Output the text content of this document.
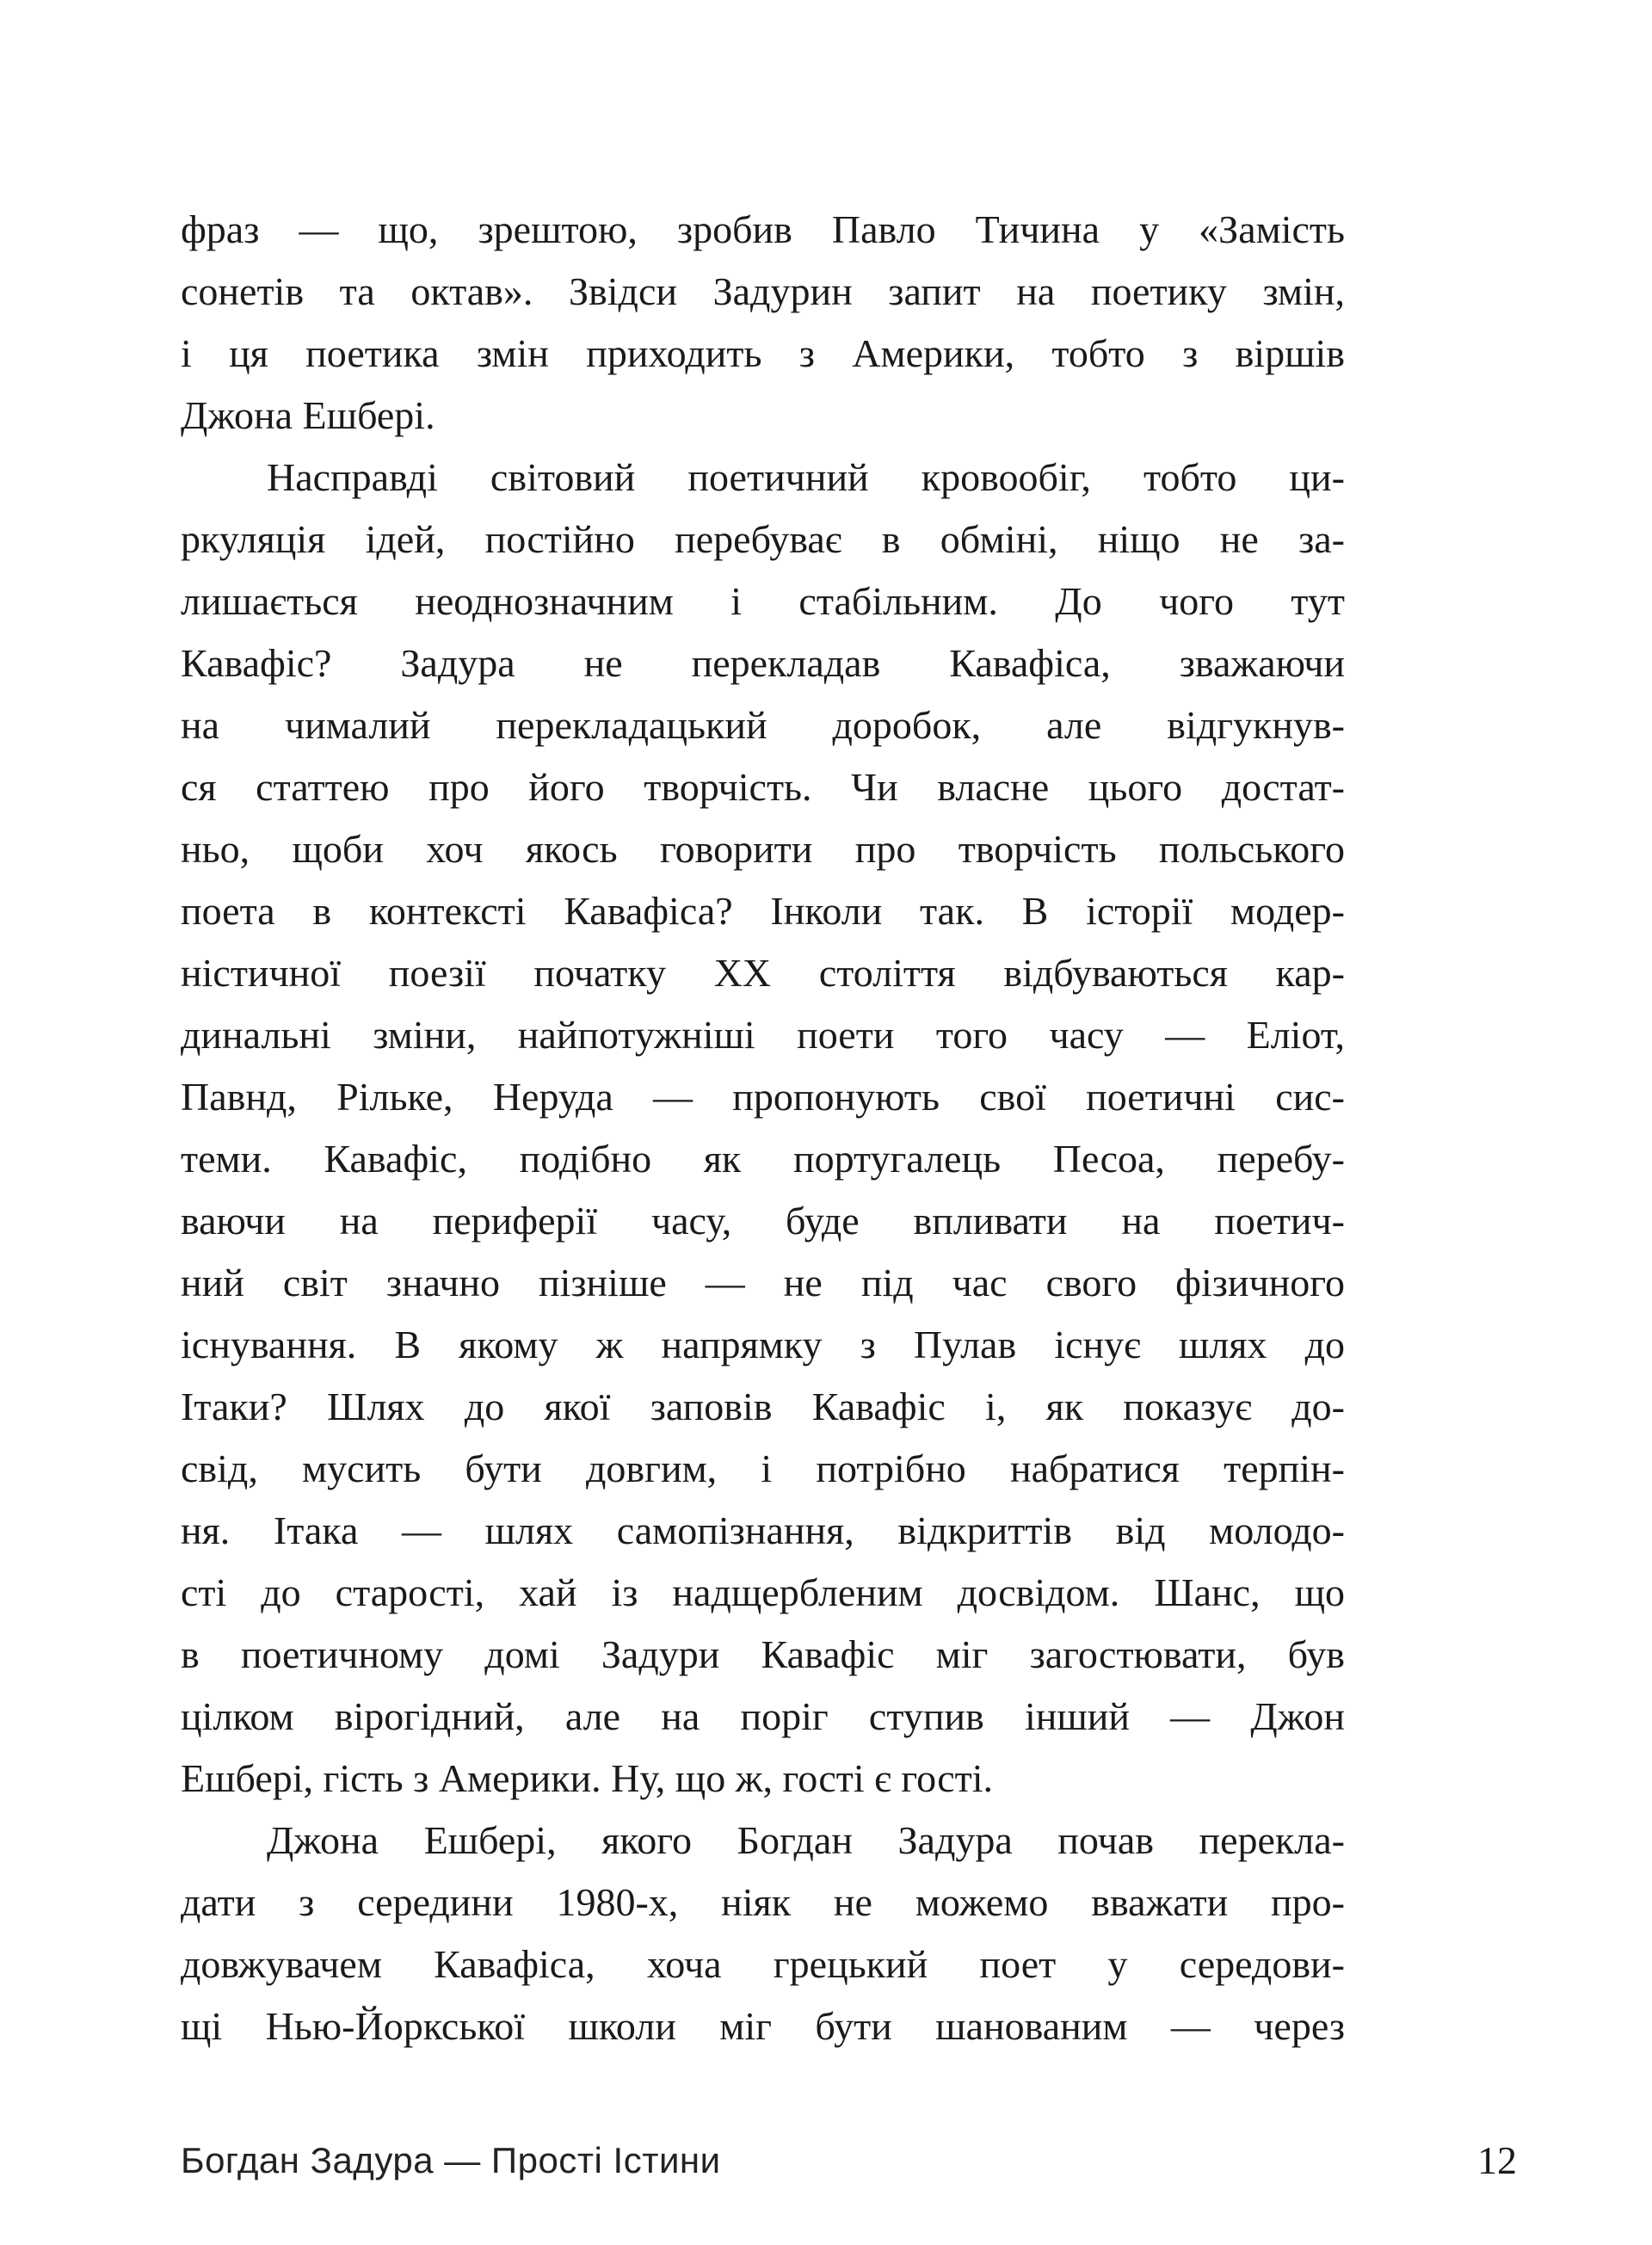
фраз — що, зрештою, зробив Павло Тичина у «Замість
сонетів та октав». Звідси Задурин запит на поетику змін,
і ця поетика змін приходить з Америки, тобто з віршів
Джона Ешбері.
Насправді світовий поетичний кровообіг, тобто ци-
ркуляція ідей, постійно перебуває в обміні, ніщо не за-
лишається неоднозначним і стабільним. До чого тут
Кавафіс? Задура не перекладав Кавафіса, зважаючи
на чималий перекладацький доробок, але відгукнув-
ся статтею про його творчість. Чи власне цього достат-
ньо, щоби хоч якось говорити про творчість польського
поета в контексті Кавафіса? Інколи так. В історії модер-
ністичної поезії початку ХХ століття відбуваються кар-
динальні зміни, найпотужніші поети того часу — Еліот,
Павнд, Рільке, Неруда — пропонують свої поетичні сис-
теми. Кавафіс, подібно як португалець Песоа, перебу-
ваючи на периферії часу, буде впливати на поетич-
ний світ значно пізніше — не під час свого фізичного
існування. В якому ж напрямку з Пулав існує шлях до
Ітаки? Шлях до якої заповів Кавафіс і, як показує до-
свід, мусить бути довгим, і потрібно набратися терпін-
ня. Ітака — шлях самопізнання, відкриттів від молодо-
сті до старості, хай із надщербленим досвідом. Шанс, що
в поетичному домі Задури Кавафіс міг загостювати, був
цілком вірогідний, але на поріг ступив інший — Джон
Ешбері, гість з Америки. Ну, що ж, гості є гості.
Джона Ешбері, якого Богдан Задура почав перекла-
дати з середини 1980-х, ніяк не можемо вважати про-
довжувачем Кавафіса, хоча грецький поет у середови-
щі Нью-Йоркської школи міг бути шанованим — через
Богдан Задура — Прості Істини	12
